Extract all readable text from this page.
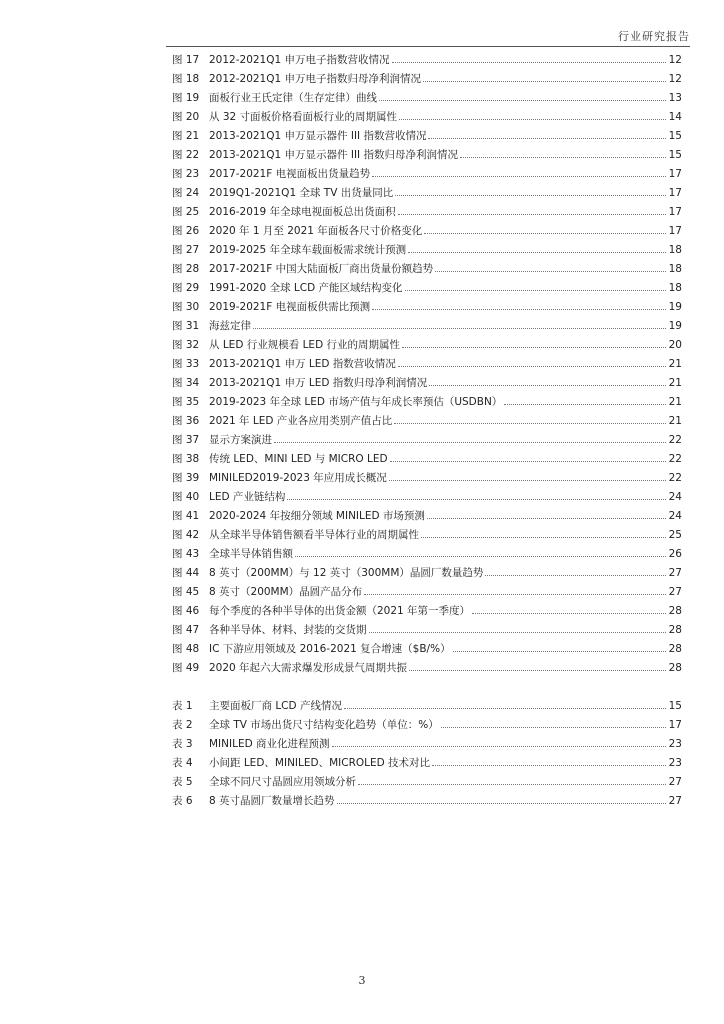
行业研究报告
图 17 2012-2021Q1 申万电子指数营收情况	12
图 18 2012-2021Q1 申万电子指数归母净利润情况	12
图 19 面板行业王氏定律（生存定律）曲线	13
图 20 从 32 寸面板价格看面板行业的周期属性	14
图 21 2013-2021Q1 申万显示器件 III 指数营收情况	15
图 22 2013-2021Q1 申万显示器件 III 指数归母净利润情况	15
图 23 2017-2021F 电视面板出货量趋势	17
图 24 2019Q1-2021Q1 全球 TV 出货量同比	17
图 25 2016-2019 年全球电视面板总出货面积	17
图 26 2020 年 1 月至 2021 年面板各尺寸价格变化	17
图 27 2019-2025 年全球车载面板需求统计预测	18
图 28 2017-2021F 中国大陆面板厂商出货量份额趋势	18
图 29 1991-2020 全球 LCD 产能区域结构变化	18
图 30 2019-2021F 电视面板供需比预测	19
图 31 海兹定律	19
图 32 从 LED 行业规模看 LED 行业的周期属性	20
图 33 2013-2021Q1 申万 LED 指数营收情况	21
图 34 2013-2021Q1 申万 LED 指数归母净利润情况	21
图 35 2019-2023 年全球 LED 市场产值与年成长率预估（USDBN）	21
图 36 2021 年 LED 产业各应用类别产值占比	21
图 37 显示方案演进	22
图 38 传统 LED、MINI LED 与 MICRO LED	22
图 39 MINILED2019-2023 年应用成长概况	22
图 40 LED 产业链结构	24
图 41 2020-2024 年按细分领域 MINILED 市场预测	24
图 42 从全球半导体销售额看半导体行业的周期属性	25
图 43 全球半导体销售额	26
图 44 8 英寸（200MM）与 12 英寸（300MM）晶圆厂数量趋势	27
图 45 8 英寸（200MM）晶圆产品分布	27
图 46 每个季度的各种半导体的出货金额（2021 年第一季度）	28
图 47 各种半导体、材料、封装的交货期	28
图 48 IC 下游应用领域及 2016-2021 复合增速（$B/%）	28
图 49 2020 年起六大需求爆发形成景气周期共振	28
表 1	主要面板厂商 LCD 产线情况	15
表 2	全球 TV 市场出货尺寸结构变化趋势（单位：%）	17
表 3	MINILED 商业化进程预测	23
表 4	小间距 LED、MINILED、MICROLED 技术对比	23
表 5	全球不同尺寸晶圆应用领域分析	27
表 6	8 英寸晶圆厂数量增长趋势	27
3
